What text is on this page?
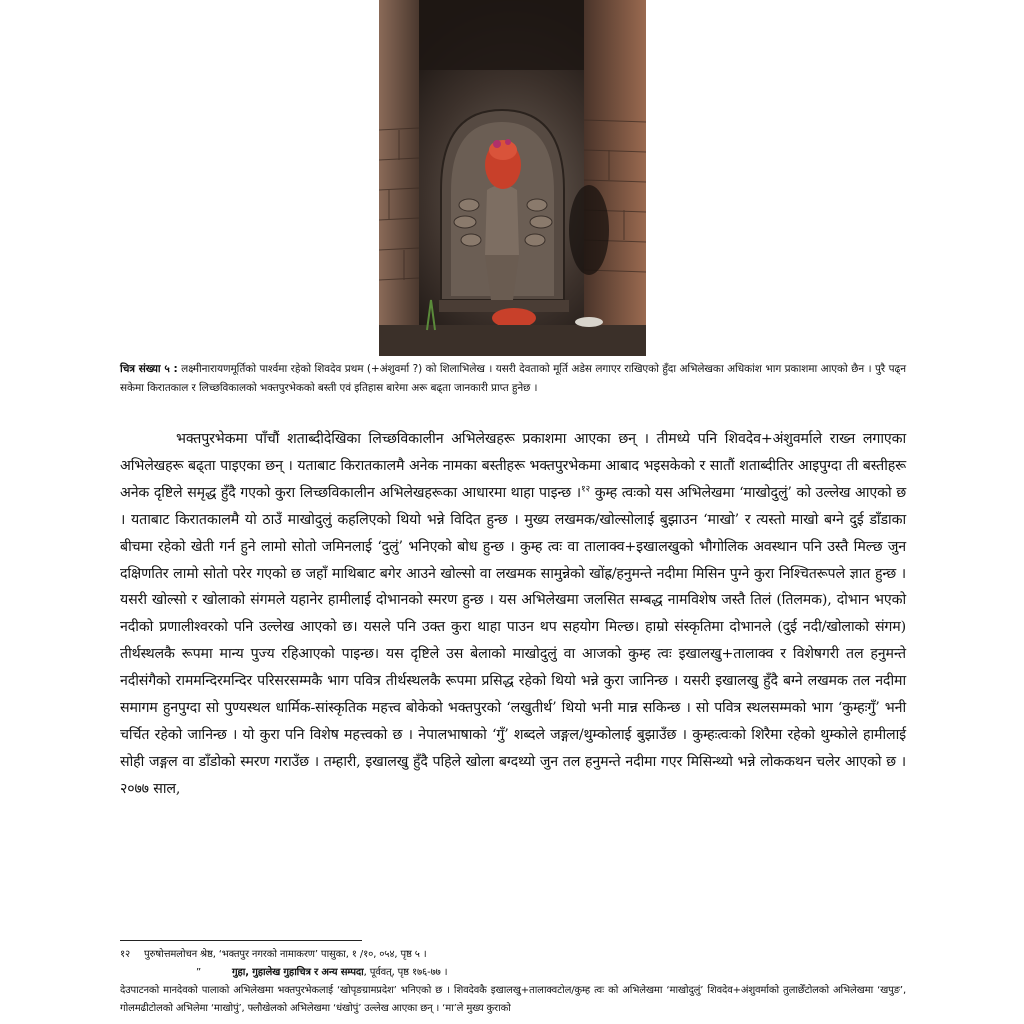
चित्र संख्या ५ : लक्ष्मीनारायणमूर्तिको पार्श्वमा रहेको शिवदेव प्रथम (+अंशुवर्मा ?) को शिलाभिलेख । यसरी देवताको मूर्ति अडेस लगाएर राखिएको हुँदा अभिलेखका अधिकांश भाग प्रकाशमा आएको छैन । पुरै पढ्न सकेमा किरातकाल र लिच्छविकालको भक्तपुरभेकको बस्ती एवं इतिहास बारेमा अरू बढ्ता जानकारी प्राप्त हुनेछ ।

भक्तपुरभेकमा पाँचौं शताब्दीदेखिका लिच्छविकालीन अभिलेखहरू प्रकाशमा आएका छन् । तीमध्ये पनि शिवदेव+अंशुवर्माले राख्न लगाएका अभिलेखहरू बढ्ता पाइएका छन् । यताबाट किरातकालमै अनेक नामका बस्तीहरू भक्तपुरभेकमा आबाद भइसकेको र सातौं शताब्दीतिर आइपुग्दा ती बस्तीहरू अनेक दृष्टिले समृद्ध हुँदै गएको कुरा लिच्छविकालीन अभिलेखहरूका आधारमा थाहा पाइन्छ ।$^{१२}$ कुम्ह त्वःको यस अभिलेखमा ‘माखोदुलुं’ को उल्लेख आएको छ । यताबाट किरातकालमै यो ठाउँ माखोदुलुं कहलिएको थियो भन्ने विदित हुन्छ । मुख्य लखमक/खोल्सोलाई बुझाउन ‘माखो’ र त्यस्तो माखो बग्ने दुई डाँडाका बीचमा रहेको खेती गर्न हुने लामो सोतो जमिनलाई ‘दुलुं’ भनिएको बोध हुन्छ । कुम्ह त्वः वा तालाक्व+इखालखुको भौगोलिक अवस्थान पनि उस्तै मिल्छ जुन दक्षिणतिर लामो सोतो परेर गएको छ जहाँ माथिबाट बगेर आउने खोल्सो वा लखमक सामुन्नेको खोंह्र/हनुमन्ते नदीमा मिसिन पुग्ने कुरा निश्चितरूपले ज्ञात हुन्छ । यसरी खोल्सो र खोलाको संगमले यहानेर हामीलाई दोभानको स्मरण हुन्छ । यस अभिलेखमा जलसित सम्बद्ध नामविशेष जस्तै तिलं (तिलमक), दोभान भएको नदीको प्रणालीश्वरको पनि उल्लेख आएको छ। यसले पनि उक्त कुरा थाहा पाउन थप सहयोग मिल्छ। हाम्रो संस्कृतिमा दोभानले (दुई नदी/खोलाको संगम) तीर्थस्थलकै रूपमा मान्य पुज्य रहिआएको पाइन्छ। यस दृष्टिले उस बेलाको माखोदुलुं वा आजको कुम्ह त्वः इखालखु+तालाक्व र विशेषगरी तल हनुमन्ते नदीसंगैको राममन्दिरमन्दिर परिसरसम्मकै भाग पवित्र तीर्थस्थलकै रूपमा प्रसिद्ध रहेको थियो भन्ने कुरा जानिन्छ । यसरी इखालखु हुँदै बग्ने लखमक तल नदीमा समागम हुनपुग्दा सो पुण्यस्थल धार्मिक-सांस्कृतिक महत्त्व बोकेको भक्तपुरको ‘लखुतीर्थ’ थियो भनी मान्न सकिन्छ । सो पवित्र स्थलसम्मको भाग ‘कुम्हःगुँ’ भनी चर्चित रहेको जानिन्छ । यो कुरा पनि विशेष महत्त्वको छ । नेपालभाषाको ‘गुँ’ शब्दले जङ्गल/थुम्कोलाई बुझाउँछ । कुम्हःत्वःको शिरैमा रहेको थुम्कोले हामीलाई सोही जङ्गल वा डाँडोको स्मरण गराउँछ । तम्हारी, इखालखु हुँदै पहिले खोला बग्दथ्यो जुन तल हनुमन्ते नदीमा गएर मिसिन्थ्यो भन्ने लोककथन चलेर आएको छ । २०७७ साल,

१२ पुरुषोत्तमलोचन श्रेष्ठ, ‘भक्तपुर नगरको नामाकरण’ पासुका, १ /१०, ०५४, पृष्ठ ५ ।
”	गुहा, गुहालेख गुहाचित्र र अन्य सम्पदा, पूर्ववत्, पृष्ठ १७६-७७ ।
देउपाटनको मानदेवको पालाको अभिलेखमा भक्तपुरभेकलाई ‘खोपृङग्रामप्रदेश’ भनिएको छ । शिवदेवकै इखालखु+तालाक्वटोल/कुम्ह त्वः को अभिलेखमा ‘माखोदुलुं’ शिवदेव+अंशुवर्माको तुलाछेँटोलको अभिलेखमा ‘खपुङ’, गोलमढीटोलको अभिलेमा ‘माखोपुं’, फ्लौखेलको अभिलेखमा ‘धंखोपुं’ उल्लेख आएका छन् । ‘मा’ले मुख्य कुराको
